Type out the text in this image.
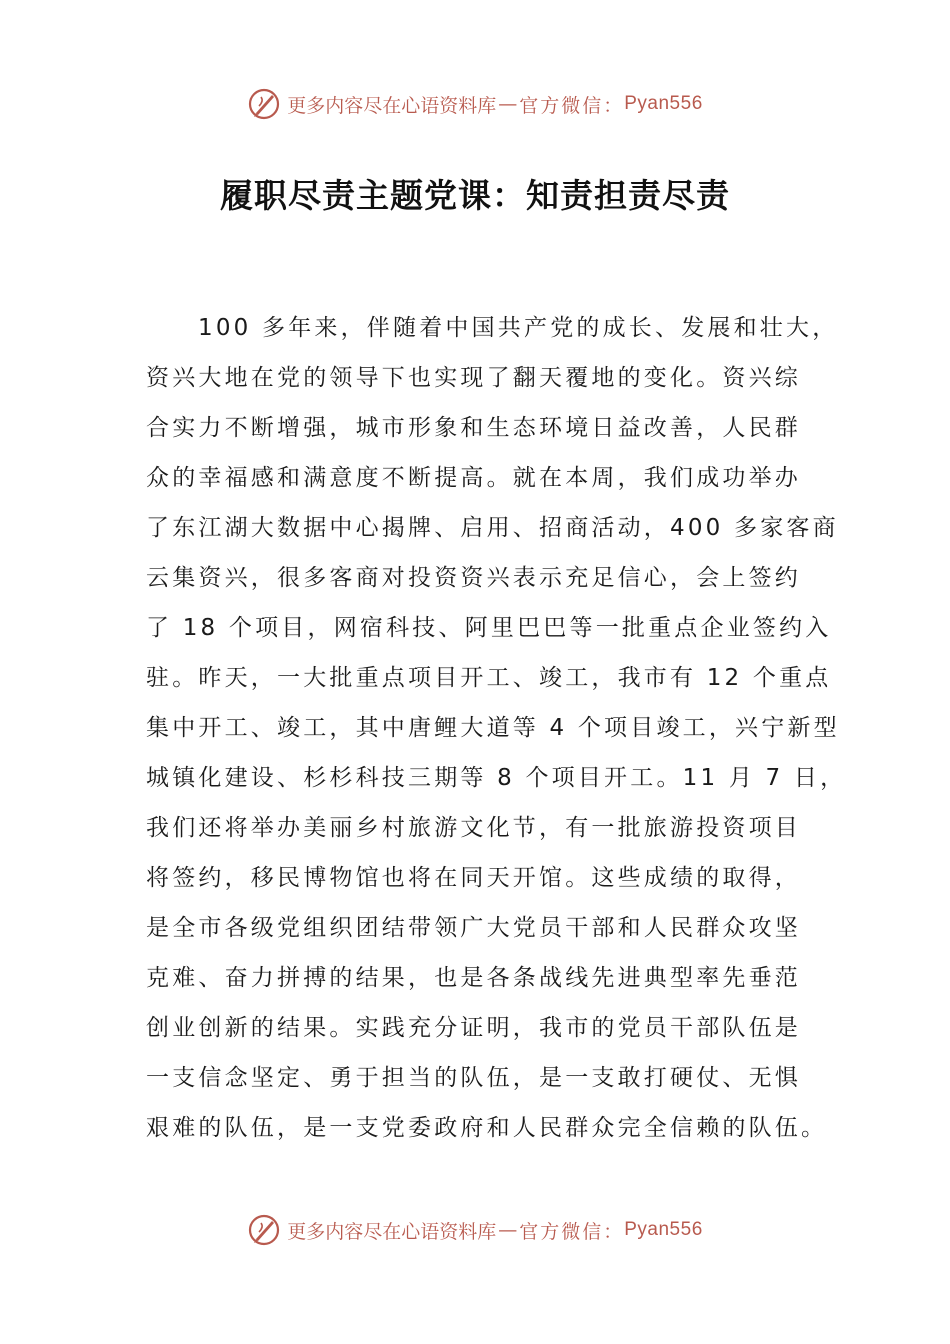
更多内容尽在心语资料库 — 官方微信： Pyan556
履职尽责主题党课：知责担责尽责
100 多年来，伴随着中国共产党的成长、发展和壮大，
资兴大地在党的领导下也实现了翻天覆地的变化。资兴综
合实力不断增强，城市形象和生态环境日益改善，人民群
众的幸福感和满意度不断提高。就在本周，我们成功举办
了东江湖大数据中心揭牌、启用、招商活动，400 多家客商
云集资兴，很多客商对投资资兴表示充足信心，会上签约
了 18 个项目，网宿科技、阿里巴巴等一批重点企业签约入
驻。昨天，一大批重点项目开工、竣工，我市有 12 个重点
集中开工、竣工，其中唐鲤大道等 4 个项目竣工，兴宁新型
城镇化建设、杉杉科技三期等 8 个项目开工。11 月 7 日，
我们还将举办美丽乡村旅游文化节，有一批旅游投资项目
将签约，移民博物馆也将在同天开馆。这些成绩的取得，
是全市各级党组织团结带领广大党员干部和人民群众攻坚
克难、奋力拼搏的结果，也是各条战线先进典型率先垂范
创业创新的结果。实践充分证明，我市的党员干部队伍是
一支信念坚定、勇于担当的队伍，是一支敢打硬仗、无惧
艰难的队伍，是一支党委政府和人民群众完全信赖的队伍。
更多内容尽在心语资料库 — 官方微信： Pyan556
